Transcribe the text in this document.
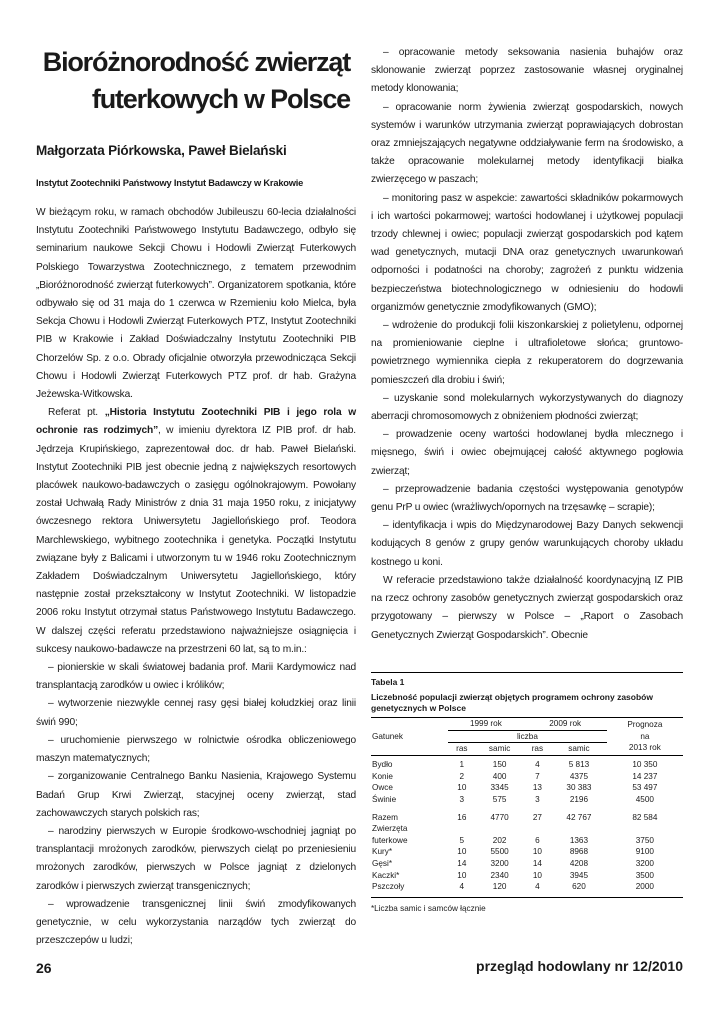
Bioróżnorodność zwierząt
futerkowych w Polsce
Małgorzata Piórkowska, Paweł Bielański
Instytut Zootechniki Państwowy Instytut Badawczy w Krakowie

W bieżącym roku, w ramach obchodów Jubileuszu 60-lecia działalności Instytutu Zootechniki Państwowego Instytutu Badawczego, odbyło się seminarium naukowe Sekcji Chowu i Hodowli Zwierząt Futerkowych Polskiego Towarzystwa Zootechnicznego, z tematem przewodnim „Bioróżnorodność zwierząt futerkowych”. Organizatorem spotkania, które odbywało się od 31 maja do 1 czerwca w Rzemieniu koło Mielca, była Sekcja Chowu i Hodowli Zwierząt Futerkowych PTZ, Instytut Zootechniki PIB w Krakowie i Zakład Doświadczalny Instytutu Zootechniki PIB Chorzelów Sp. z o.o. Obrady oficjalnie otworzyła przewodnicząca Sekcji Chowu i Hodowli Zwierząt Futerkowych PTZ prof. dr hab. Grażyna Jeżewska-Witkowska.

Referat pt. „Historia Instytutu Zootechniki PIB i jego rola w ochronie ras rodzimych”, w imieniu dyrektora IZ PIB prof. dr hab. Jędrzeja Krupińskiego, zaprezentował doc. dr hab. Paweł Bielański. Instytut Zootechniki PIB jest obecnie jedną z największych resortowych placówek naukowo-badawczych o zasięgu ogólnokrajowym. Powołany został Uchwałą Rady Ministrów z dnia 31 maja 1950 roku, z inicjatywy ówczesnego rektora Uniwersytetu Jagiellońskiego prof. Teodora Marchlewskiego, wybitnego zootechnika i genetyka. Początki Instytutu związane były z Balicami i utworzonym tu w 1946 roku Zootechnicznym Zakładem Doświadczalnym Uniwersytetu Jagiellońskiego, który następnie został przekształcony w Instytut Zootechniki. W listopadzie 2006 roku Instytut otrzymał status Państwowego Instytutu Badawczego. W dalszej części referatu przedstawiono najważniejsze osiągnięcia i sukcesy naukowo-badawcze na przestrzeni 60 lat, są to m.in.:

– pionierskie w skali światowej badania prof. Marii Kardymowicz nad transplantacją zarodków u owiec i królików;

– wytworzenie niezwykle cennej rasy gęsi białej kołudzkiej oraz linii świń 990;

– uruchomienie pierwszego w rolnictwie ośrodka obliczeniowego maszyn matematycznych;

– zorganizowanie Centralnego Banku Nasienia, Krajowego Systemu Badań Grup Krwi Zwierząt, stacyjnej oceny zwierząt, stad zachowawczych starych polskich ras;

– narodziny pierwszych w Europie środkowo-wschodniej jagniąt po transplantacji mrożonych zarodków, pierwszych cieląt po przeniesieniu mrożonych zarodków, pierwszych w Polsce jagniąt z dzielonych zarodków i pierwszych zwierząt transgenicznych;

– wprowadzenie transgenicznej linii świń zmodyfikowanych genetycznie, w celu wykorzystania narządów tych zwierząt do przeszczepów u ludzi;

– opracowanie metody seksowania nasienia buhajów oraz sklonowanie zwierząt poprzez zastosowanie własnej oryginalnej metody klonowania;

– opracowanie norm żywienia zwierząt gospodarskich, nowych systemów i warunków utrzymania zwierząt poprawiających dobrostan oraz zmniejszających negatywne oddziaływanie ferm na środowisko, a także opracowanie molekularnej metody identyfikacji białka zwierzęcego w paszach;

– monitoring pasz w aspekcie: zawartości składników pokarmowych i ich wartości pokarmowej; wartości hodowlanej i użytkowej populacji trzody chlewnej i owiec; populacji zwierząt gospodarskich pod kątem wad genetycznych, mutacji DNA oraz genetycznych uwarunkowań odporności i podatności na choroby; zagrożeń z punktu widzenia bezpieczeństwa biotechnologicznego w odniesieniu do hodowli organizmów genetycznie zmodyfikowanych (GMO);

– wdrożenie do produkcji folii kiszonkarskiej z polietylenu, odpornej na promieniowanie cieplne i ultrafioletowe słońca; gruntowo-powietrznego wymiennika ciepła z rekuperatorem do dogrzewania pomieszczeń dla drobiu i świń;

– uzyskanie sond molekularnych wykorzystywanych do diagnozy aberracji chromosomowych z obniżeniem płodności zwierząt;

– prowadzenie oceny wartości hodowlanej bydła mlecznego i mięsnego, świń i owiec obejmującej całość aktywnego pogłowia zwierząt;

– przeprowadzenie badania częstości występowania genotypów genu PrP u owiec (wrażliwych/opornych na trzęsawkę – scrapie);

– identyfikacja i wpis do Międzynarodowej Bazy Danych sekwencji kodujących 8 genów z grupy genów warunkujących choroby układu kostnego u koni.

W referacie przedstawiono także działalność koordynacyjną IZ PIB na rzecz ochrony zasobów genetycznych zwierząt gospodarskich oraz przygotowany – pierwszy w Polsce – „Raport o Zasobach Genetycznych Zwierząt Gospodarskich”. Obecnie

Tabela 1
Liczebność populacji zwierząt objętych programem ochrony zasobów genetycznych w Polsce
Gatunek	1999 rok		2009 rok		Prognoza
na
2013 rok

	liczba				
	ras	samic	ras	samic	

Bydło	1	150	4	5 813	10 350
Konie	2	400	7	4375	14 237
Owce	10	3345	13	30 383	53 497
Świnie	3	575	3	2196	4500

Razem	16	4770	27	42 767	82 584
Zwierzęta					
futerkowe	5	202	6	1363	3750
Kury*	10	5500	10	8968	9100
Gęsi*	14	3200	14	4208	3200
Kaczki*	10	2340	10	3945	3500
Pszczoły	4	120	4	620	2000
*Liczba samic i samców łącznie
26	przegląd hodowlany nr 12/2010
